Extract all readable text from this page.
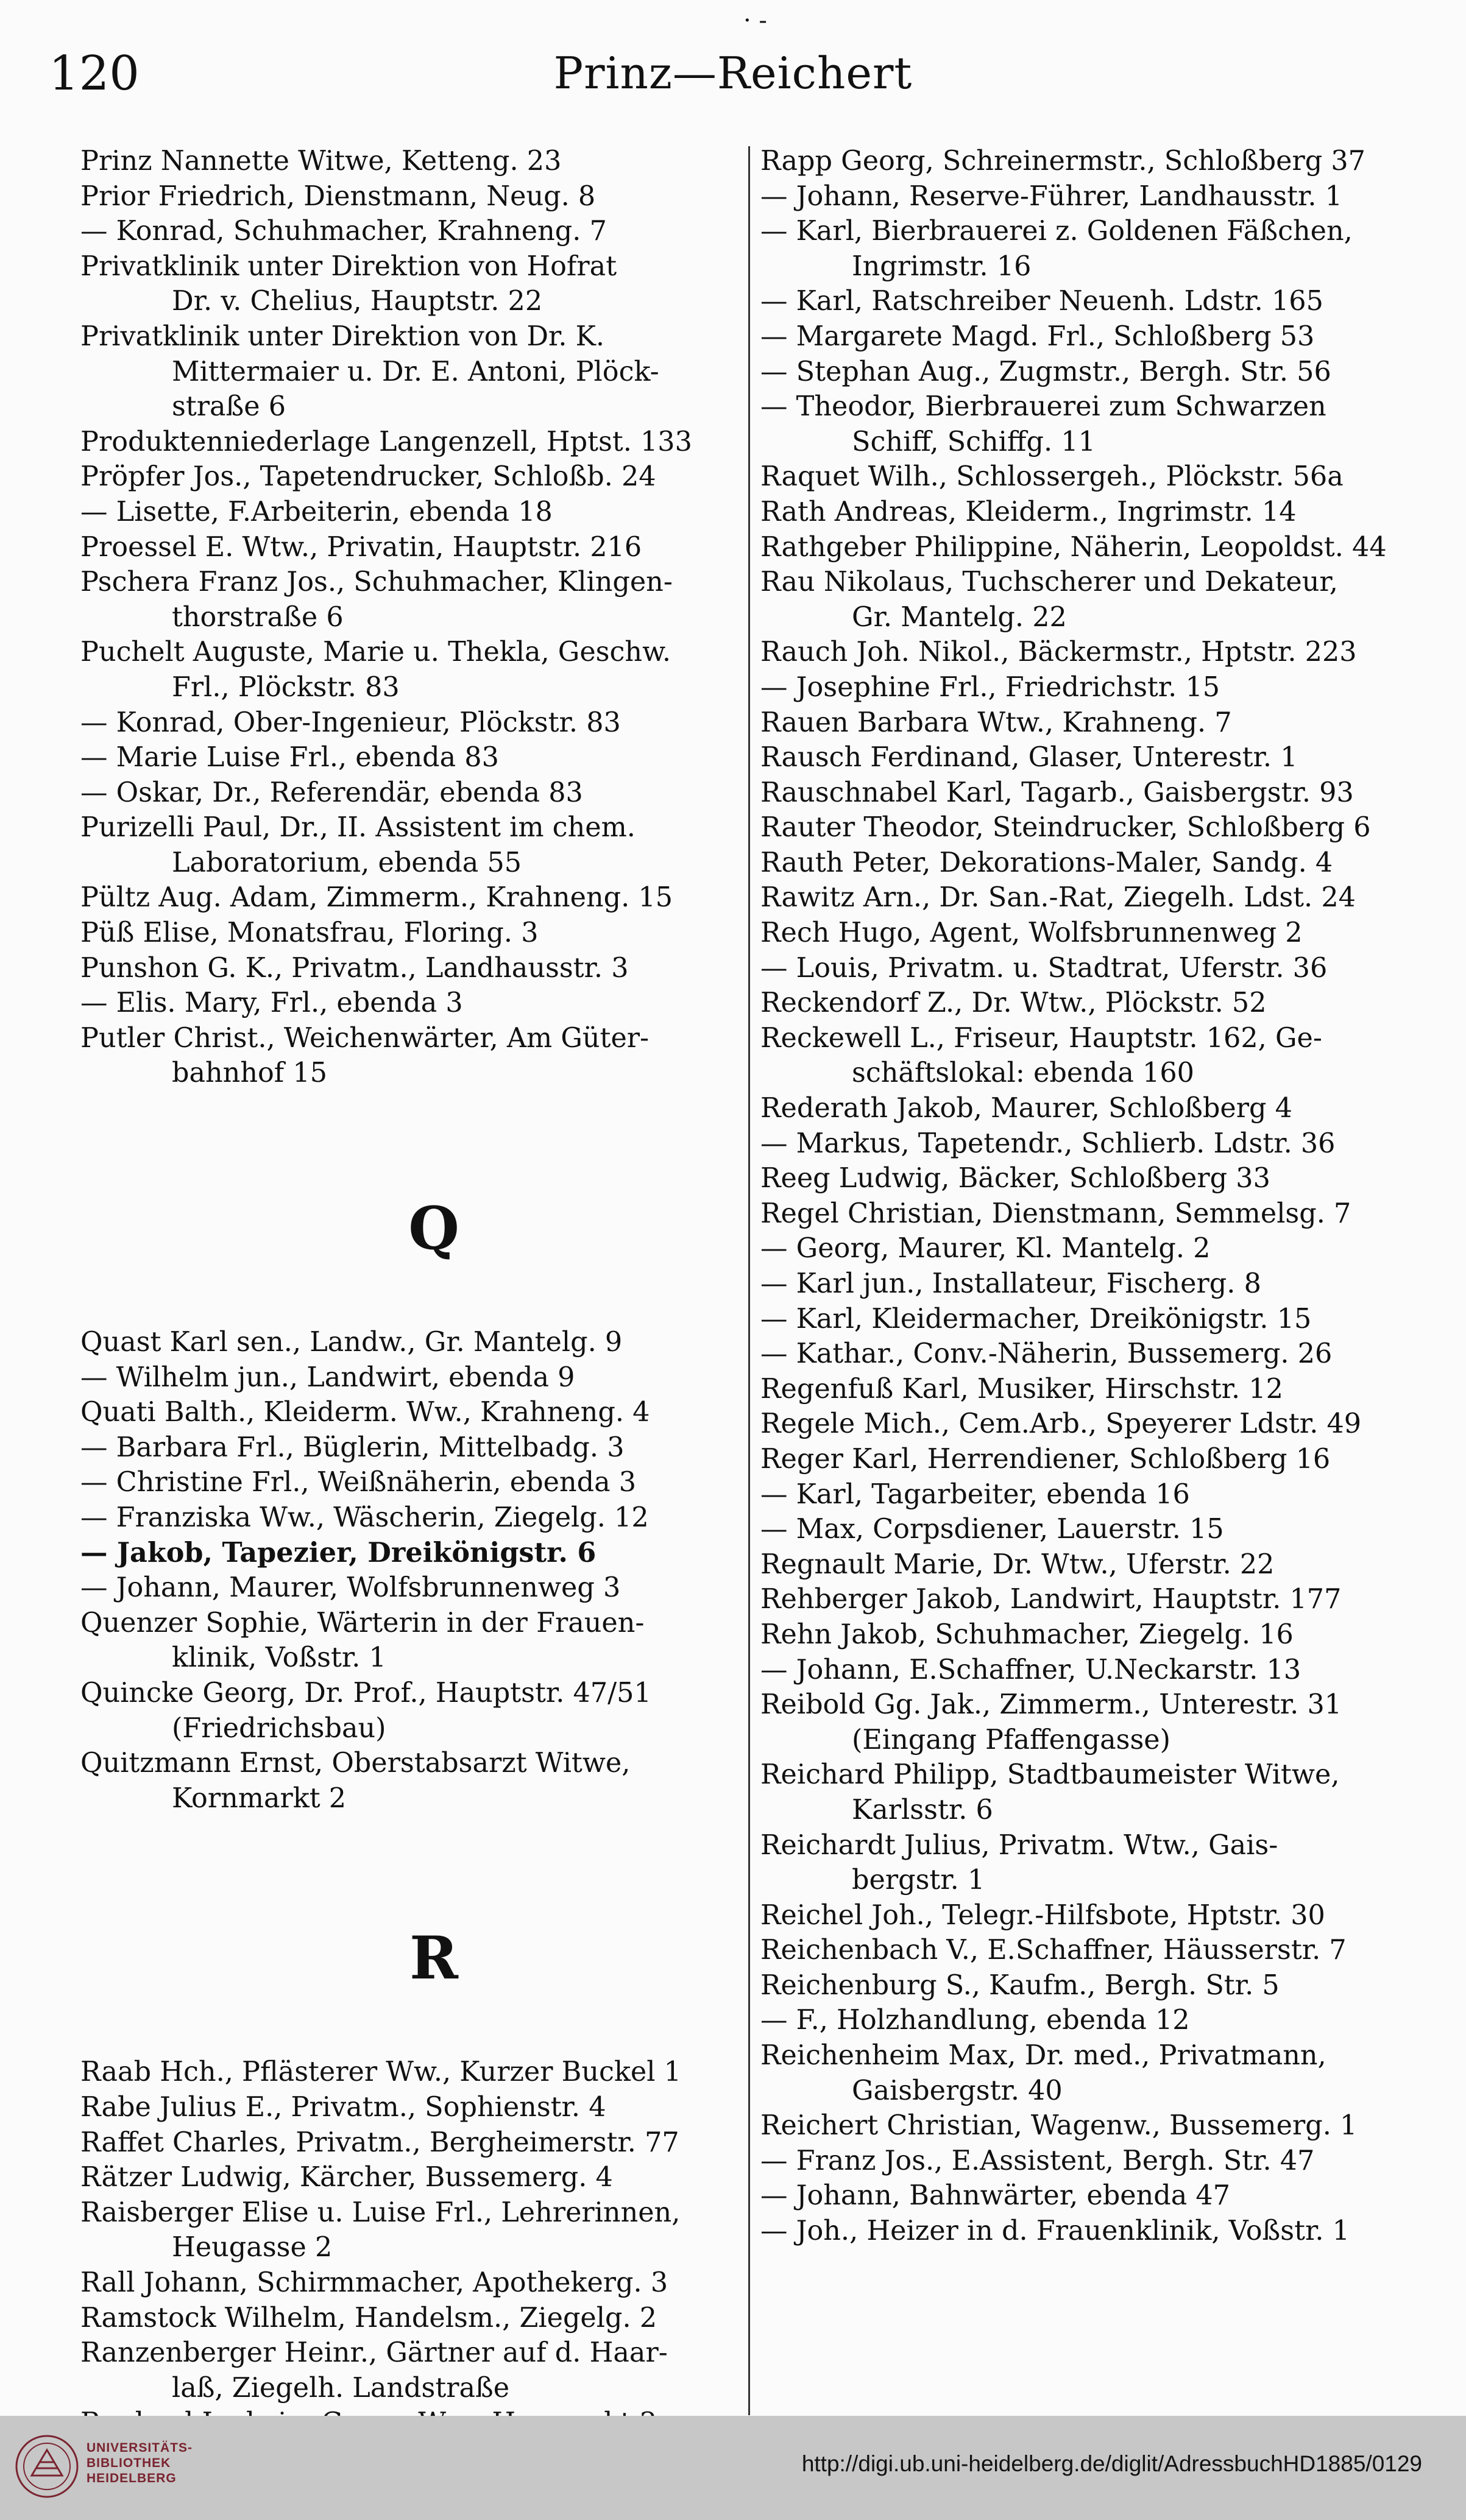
· -
120	Prinz—Reichert
Prinz Nannette Witwe, Ketteng. 23
Prior Friedrich, Dienstmann, Neug. 8
— Konrad, Schuhmacher, Krahneng. 7
Privatklinik unter Direktion von Hofrat
Dr. v. Chelius, Hauptstr. 22
Privatklinik unter Direktion von Dr. K.
Mittermaier u. Dr. E. Antoni, Plöck-
straße 6
Produktenniederlage Langenzell, Hptst. 133
Pröpfer Jos., Tapetendrucker, Schloßb. 24
— Lisette, F.Arbeiterin, ebenda 18
Proessel E. Wtw., Privatin, Hauptstr. 216
Pschera Franz Jos., Schuhmacher, Klingen-
thorstraße 6
Puchelt Auguste, Marie u. Thekla, Geschw.
Frl., Plöckstr. 83
— Konrad, Ober-Ingenieur, Plöckstr. 83
— Marie Luise Frl., ebenda 83
— Oskar, Dr., Referendär, ebenda 83
Purizelli Paul, Dr., II. Assistent im chem.
Laboratorium, ebenda 55
Pültz Aug. Adam, Zimmerm., Krahneng. 15
Püß Elise, Monatsfrau, Floring. 3
Punshon G. K., Privatm., Landhausstr. 3
— Elis. Mary, Frl., ebenda 3
Putler Christ., Weichenwärter, Am Güter-
bahnhof 15
Q
Quast Karl sen., Landw., Gr. Mantelg. 9
— Wilhelm jun., Landwirt, ebenda 9
Quati Balth., Kleiderm. Ww., Krahneng. 4
— Barbara Frl., Büglerin, Mittelbadg. 3
— Christine Frl., Weißnäherin, ebenda 3
— Franziska Ww., Wäscherin, Ziegelg. 12
— Jakob, Tapezier, Dreikönigstr. 6
— Johann, Maurer, Wolfsbrunnenweg 3
Quenzer Sophie, Wärterin in der Frauen-
klinik, Voßstr. 1
Quincke Georg, Dr. Prof., Hauptstr. 47/51
(Friedrichsbau)
Quitzmann Ernst, Oberstabsarzt Witwe,
Kornmarkt 2
R
Raab Hch., Pflästerer Ww., Kurzer Buckel 1
Rabe Julius E., Privatm., Sophienstr. 4
Raffet Charles, Privatm., Bergheimerstr. 77
Rätzer Ludwig, Kärcher, Bussemerg. 4
Raisberger Elise u. Luise Frl., Lehrerinnen,
Heugasse 2
Rall Johann, Schirmmacher, Apothekerg. 3
Ramstock Wilhelm, Handelsm., Ziegelg. 2
Ranzenberger Heinr., Gärtner auf d. Haar-
laß, Ziegelh. Landstraße
Rapp Georg, Schreinermstr., Schloßberg 37
— Johann, Reserve-Führer, Landhausstr. 1
— Karl, Bierbrauerei z. Goldenen Fäßchen,
Ingrimstr. 16
— Karl, Ratschreiber Neuenh. Ldstr. 165
— Margarete Magd. Frl., Schloßberg 53
— Stephan Aug., Zugmstr., Bergh. Str. 56
— Theodor, Bierbrauerei zum Schwarzen
Schiff, Schiffg. 11
Raquet Wilh., Schlossergeh., Plöckstr. 56a
Rath Andreas, Kleiderm., Ingrimstr. 14
Rathgeber Philippine, Näherin, Leopoldst. 44
Rau Nikolaus, Tuchscherer und Dekateur,
Gr. Mantelg. 22
Rauch Joh. Nikol., Bäckermstr., Hptstr. 223
— Josephine Frl., Friedrichstr. 15
Rauen Barbara Wtw., Krahneng. 7
Rausch Ferdinand, Glaser, Unterestr. 1
Rauschnabel Karl, Tagarb., Gaisbergstr. 93
Rauter Theodor, Steindrucker, Schloßberg 6
Rauth Peter, Dekorations-Maler, Sandg. 4
Rawitz Arn., Dr. San.-Rat, Ziegelh. Ldst. 24
Rech Hugo, Agent, Wolfsbrunnenweg 2
— Louis, Privatm. u. Stadtrat, Uferstr. 36
Reckendorf Z., Dr. Wtw., Plöckstr. 52
Reckewell L., Friseur, Hauptstr. 162, Ge-
schäftslokal: ebenda 160
Rederath Jakob, Maurer, Schloßberg 4
— Markus, Tapetendr., Schlierb. Ldstr. 36
Reeg Ludwig, Bäcker, Schloßberg 33
Regel Christian, Dienstmann, Semmelsg. 7
— Georg, Maurer, Kl. Mantelg. 2
— Karl jun., Installateur, Fischerg. 8
— Karl, Kleidermacher, Dreikönigstr. 15
— Kathar., Conv.-Näherin, Bussemerg. 26
Regenfuß Karl, Musiker, Hirschstr. 12
Regele Mich., Cem.Arb., Speyerer Ldstr. 49
Reger Karl, Herrendiener, Schloßberg 16
— Karl, Tagarbeiter, ebenda 16
— Max, Corpsdiener, Lauerstr. 15
Regnault Marie, Dr. Wtw., Uferstr. 22
Rehberger Jakob, Landwirt, Hauptstr. 177
Rehn Jakob, Schuhmacher, Ziegelg. 16
— Johann, E.Schaffner, U.Neckarstr. 13
Reibold Gg. Jak., Zimmerm., Unterestr. 31
(Eingang Pfaffengasse)
Reichard Philipp, Stadtbaumeister Witwe,
Karlsstr. 6
Reichardt Julius, Privatm. Wtw., Gais-
bergstr. 1
Reichel Joh., Telegr.-Hilfsbote, Hptstr. 30
Reichenbach V., E.Schaffner, Häusserstr. 7
Reichenburg S., Kaufm., Bergh. Str. 5
— F., Holzhandlung, ebenda 12
Reichenheim Max, Dr. med., Privatmann,
Gaisbergstr. 40
Reichert Christian, Wagenw., Bussemerg. 1
— Franz Jos., E.Assistent, Bergh. Str. 47
— Johann, Bahnwärter, ebenda 47
— Joh., Heizer in d. Frauenklinik, Voßstr. 1
UNIVERSITÄTS-
BIBLIOTHEK
HEIDELBERG
http://digi.ub.uni-heidelberg.de/diglit/AdressbuchHD1885/0129
